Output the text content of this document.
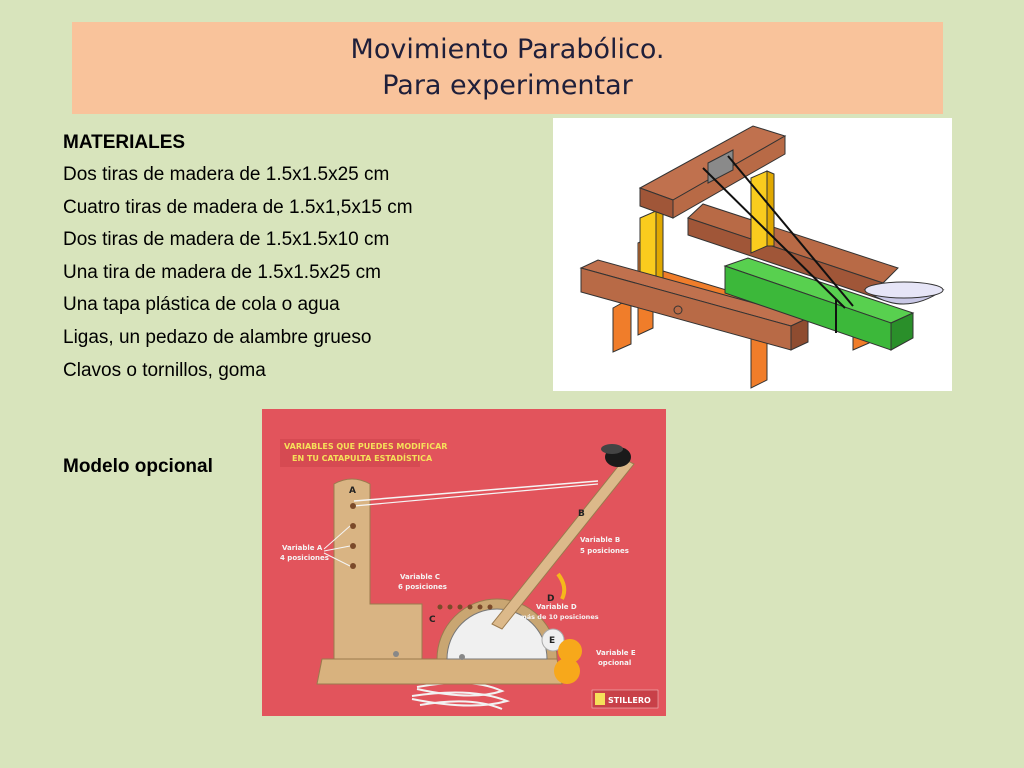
Movimiento Parabólico.
Para experimentar
MATERIALES
Dos tiras de madera de 1.5x1.5x25 cm
Cuatro tiras de madera de 1.5x1,5x15 cm
Dos tiras de madera de 1.5x1.5x10 cm
Una tira de madera de 1.5x1.5x25 cm
Una tapa plástica de cola o agua
Ligas, un pedazo de alambre grueso
Clavos o tornillos, goma
Modelo opcional
VARIABLES QUE PUEDES MODIFICAR
EN TU CATAPULTA ESTADÍSTICA
A
B
C
D
E
Variable A
4 posiciones
Variable B
5 posiciones
Variable C
6 posiciones
Variable D
más de 10 posiciones
Variable E
opcional
STILLERO
